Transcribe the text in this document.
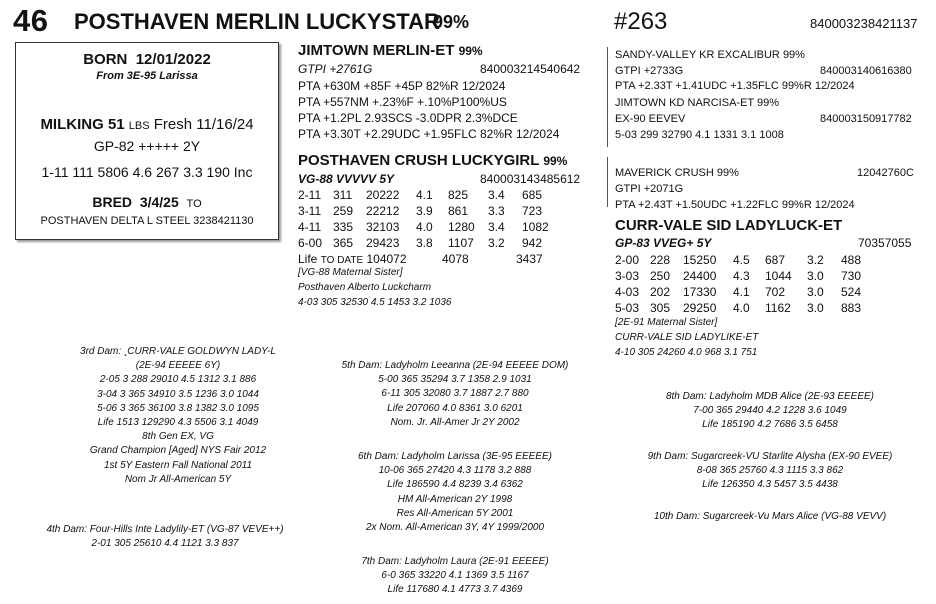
46 POSTHAVEN MERLIN LUCKYSTAR
99%	#263	840003238421137
BORN 12/01/2022
From 3E-95 Larissa
MILKING 51 LBS Fresh 11/16/24
GP-82 +++++ 2Y
1-11 111 5806 4.6 267 3.3 190 Inc
BRED 3/4/25 TO
POSTHAVEN DELTA L STEEL 3238421130
JIMTOWN MERLIN-ET 99%
GTPI +2761G	840003214540642
PTA +630M +85F +45P 82%R 12/2024
PTA +557NM +.23%F +.10%P100%US
PTA +1.2PL 2.93SCS -3.0DPR 2.3%DCE
PTA +3.30T +2.29UDC +1.95FLC 82%R 12/2024
POSTHAVEN CRUSH LUCKYGIRL 99%
VG-88 VVVVV 5Y	840003143485612
2-11 311 20222 4.1 825 3.4 685
3-11 259 22212 3.9 861 3.3 723
4-11 335 32103 4.0 1280 3.4 1082
6-00 365 29423 3.8 1107 3.2 942
Life TO DATE 104072	4078	3437
[VG-88 Maternal Sister]
Posthaven Alberto Luckcharm
4-03 305 32530 4.5 1453 3.2 1036
SANDY-VALLEY KR EXCALIBUR 99%
GTPI +2733G	840003140616380
PTA +2.33T +1.41UDC +1.35FLC 99%R 12/2024
JIMTOWN KD NARCISA-ET 99%
EX-90 EEVEV	840003150917782
5-03 299 32790 4.1 1331 3.1 1008
MAVERICK CRUSH 99%	12042760C
GTPI +2071G
PTA +2.43T +1.50UDC +1.22FLC 99%R 12/2024
CURR-VALE SID LADYLUCK-ET
GP-83 VVEG+ 5Y	70357055
2-00 228 15250 4.5 687 3.2 488
3-03 250 24400 4.3 1044 3.0 730
4-03 202 17330 4.1 702 3.0 524
5-03 305 29250 4.0 1162 3.0 883
[2E-91 Maternal Sister]
CURR-VALE SID LADYLIKE-ET
4-10 305 24260 4.0 968 3.1 751
3rd Dam: ¸CURR-VALE GOLDWYN LADY-L
(2E-94 EEEEE 6Y)
2-05 3 288 29010 4.5 1312 3.1 886
3-04 3 365 34910 3.5 1236 3.0 1044
5-06 3 365 36100 3.8 1382 3.0 1095
Life 1513 129290 4.3 5506 3.1 4049
8th Gen EX, VG
Grand Champion [Aged] NYS Fair 2012
1st 5Y Eastern Fall National 2011
Nom Jr All-American 5Y
4th Dam: Four-Hills Inte Ladylily-ET (VG-87 VEVE++)
2-01 305 25610 4.4 1121 3.3 837
5th Dam: Ladyholm Leeanna (2E-94 EEEEE DOM)
5-00 365 35294 3.7 1358 2.9 1031
6-11 305 32080 3.7 1887 2.7 880
Life 207060 4.0 8361 3.0 6201
Nom. Jr. All-Amer Jr 2Y 2002
6th Dam: Ladyholm Larissa (3E-95 EEEEE)
10-06 365 27420 4.3 1178 3.2 888
Life 186590 4.4 8239 3.4 6362
HM All-American 2Y 1998
Res All-American 5Y 2001
2x Nom. All-American 3Y, 4Y 1999/2000
7th Dam: Ladyholm Laura (2E-91 EEEEE)
6-0 365 33220 4.1 1369 3.5 1167
Life 117680 4.1 4773 3.7 4369
8th Dam: Ladyholm MDB Alice (2E-93 EEEEE)
7-00 365 29440 4.2 1228 3.6 1049
Life 185190 4.2 7686 3.5 6458
9th Dam: Sugarcreek-VU Starlite Alysha (EX-90 EVEE)
8-08 365 25760 4.3 1115 3.3 862
Life 126350 4.3 5457 3.5 4438
10th Dam: Sugarcreek-Vu Mars Alice (VG-88 VEVV)
